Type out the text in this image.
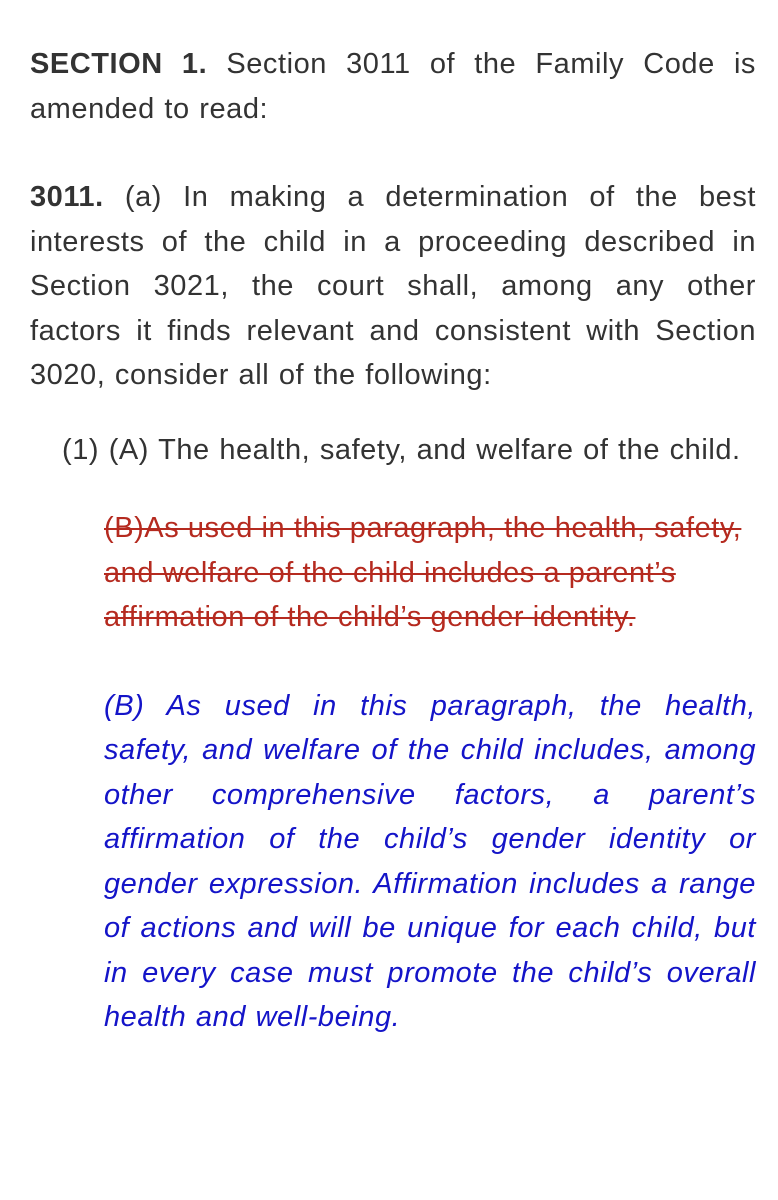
SECTION 1. Section 3011 of the Family Code is amended to read:

3011. (a) In making a determination of the best interests of the child in a proceeding described in Section 3021, the court shall, among any other factors it finds relevant and consistent with Section 3020, consider all of the following:

(1) (A) The health, safety, and welfare of the child.

(B)As used in this paragraph, the health, safety, and welfare of the child includes a parent’s affirmation of the child’s gender identity.

(B) As used in this paragraph, the health, safety, and welfare of the child includes, among other comprehensive factors, a parent’s affirmation of the child’s gender identity or gender expression. Affirmation includes a range of actions and will be unique for each child, but in every case must promote the child’s overall health and well-being.
